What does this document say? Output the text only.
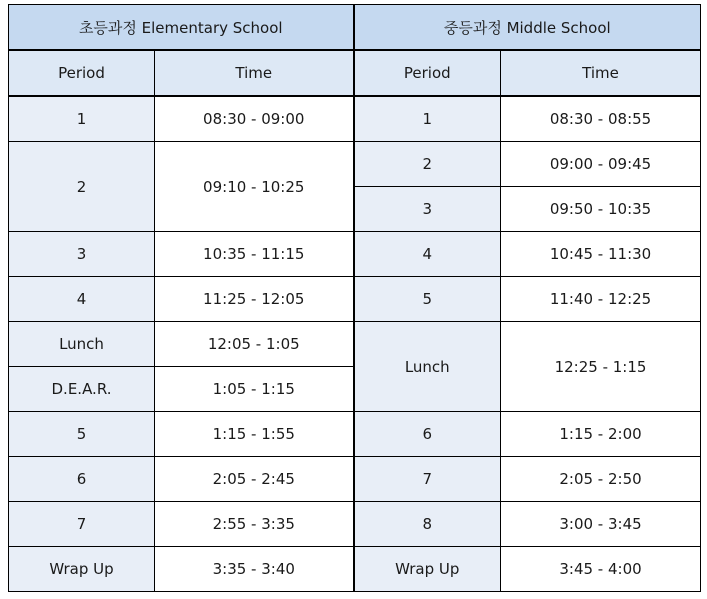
초등과정 Elementary School		중등과정 Middle School	
Period	Time	Period	Time
1	08:30 - 09:00	1	08:30 - 08:55
2	09:10 - 10:25	2	09:00 - 09:45
		3	09:50 - 10:35
3	10:35 - 11:15	4	10:45 - 11:30
4	11:25 - 12:05	5	11:40 - 12:25
Lunch	12:05 - 1:05	Lunch	12:25 - 1:15
D.E.A.R.	1:05 - 1:15		
5	1:15 - 1:55	6	1:15 - 2:00
6	2:05 - 2:45	7	2:05 - 2:50
7	2:55 - 3:35	8	3:00 - 3:45
Wrap Up	3:35 - 3:40	Wrap Up	3:45 - 4:00
